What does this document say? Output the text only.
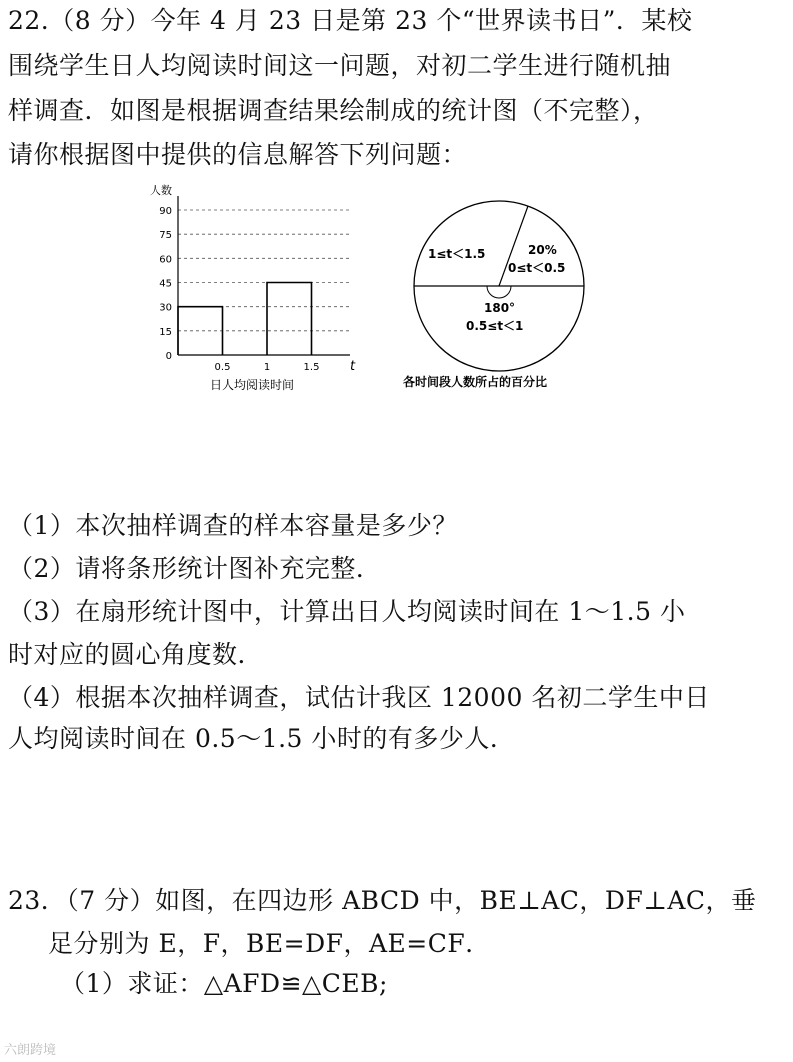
22.（8 分）今年 4 月 23 日是第 23 个“世界读书日”．某校
围绕学生日人均阅读时间这一问题，对初二学生进行随机抽
样调查．如图是根据调查结果绘制成的统计图（不完整），
请你根据图中提供的信息解答下列问题：
人数
0
15
30
45
60
75
90
0.5	1	1.5 t
日人均阅读时间
1≤t＜1.5	20%
0≤t＜0.5
180°
0.5≤t＜1
各时间段人数所占的百分比
（1）本次抽样调查的样本容量是多少？
（2）请将条形统计图补充完整．
（3）在扇形统计图中，计算出日人均阅读时间在 1～1.5 小
时对应的圆心角度数．
（4）根据本次抽样调查，试估计我区 12000 名初二学生中日
人均阅读时间在 0.5～1.5 小时的有多少人．
23．（7 分）如图，在四边形 ABCD 中，BE⊥AC，DF⊥AC，垂
足分别为 E，F，BE=DF，AE=CF．
（1）求证：△AFD≌△CEB;
六朗跨境
